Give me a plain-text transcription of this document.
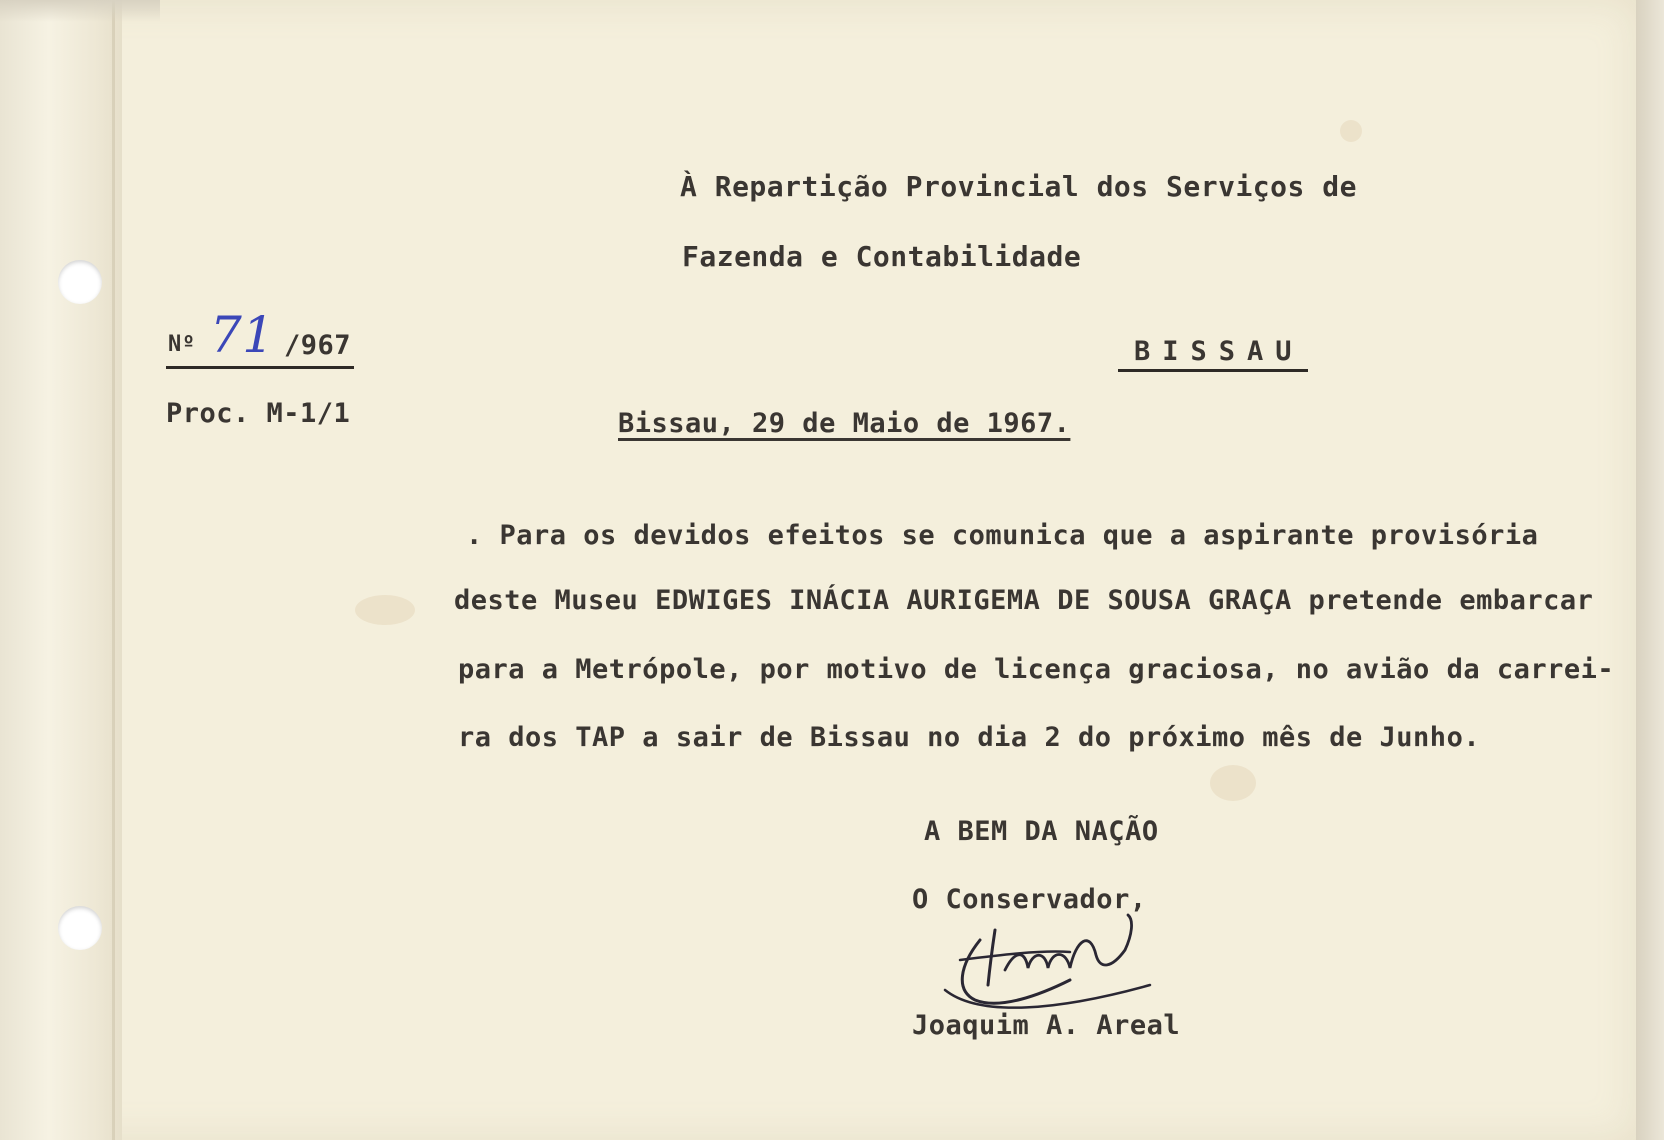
À Repartição Provincial dos Serviços de
Fazenda e Contabilidade
Nº 71 /967
Proc. M-1/1
BISSAU
Bissau, 29 de Maio de 1967.
. Para os devidos efeitos se comunica que a aspirante provisória
deste Museu EDWIGES INÁCIA AURIGEMA DE SOUSA GRAÇA pretende embarcar
para a Metrópole, por motivo de licença graciosa, no avião da carrei-
ra dos TAP a sair de Bissau no dia 2 do próximo mês de Junho.
A BEM DA NAÇÃO
O Conservador,
Joaquim A. Areal
